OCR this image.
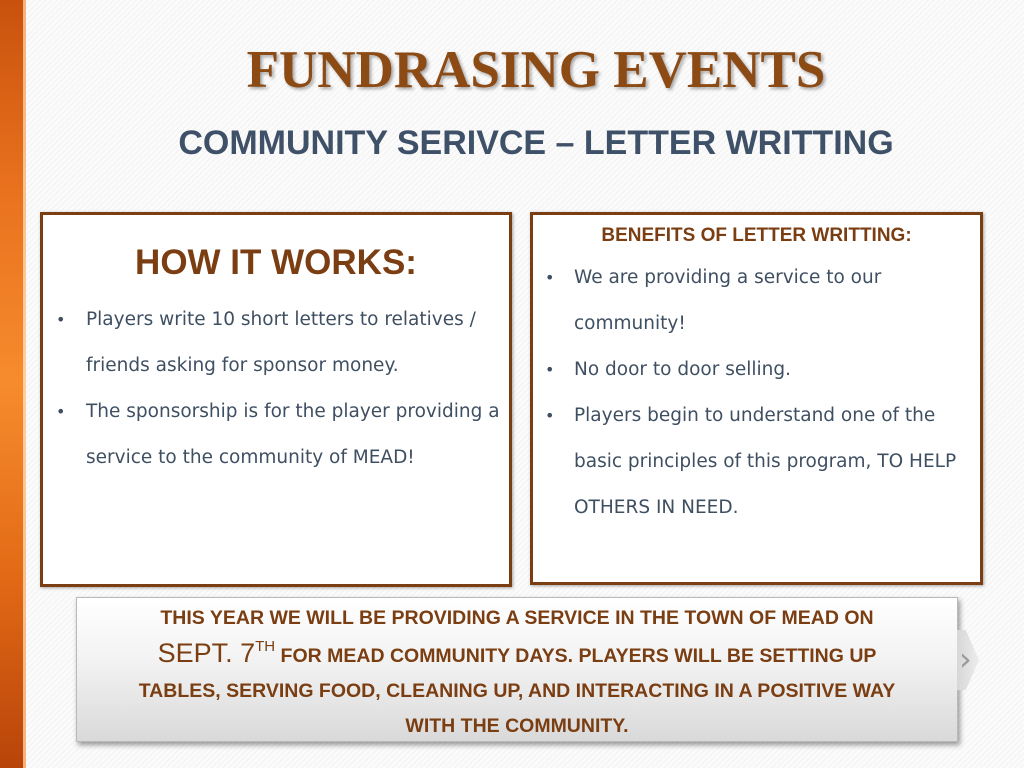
FUNDRASING EVENTS
COMMUNITY SERIVCE – LETTER WRITTING
HOW IT WORKS:
• Players write 10 short letters to relatives / friends asking for sponsor money.
• The sponsorship is for the player providing a service to the community of MEAD!
BENEFITS OF LETTER WRITTING:
• We are providing a service to our community!
• No door to door selling.
• Players begin to understand one of the basic principles of this program, TO HELP OTHERS IN NEED.
THIS YEAR WE WILL BE PROVIDING A SERVICE IN THE TOWN OF MEAD ON
SEPT. 7TH FOR MEAD COMMUNITY DAYS. PLAYERS WILL BE SETTING UP
TABLES, SERVING FOOD, CLEANING UP, AND INTERACTING IN A POSITIVE WAY
WITH THE COMMUNITY.
›
